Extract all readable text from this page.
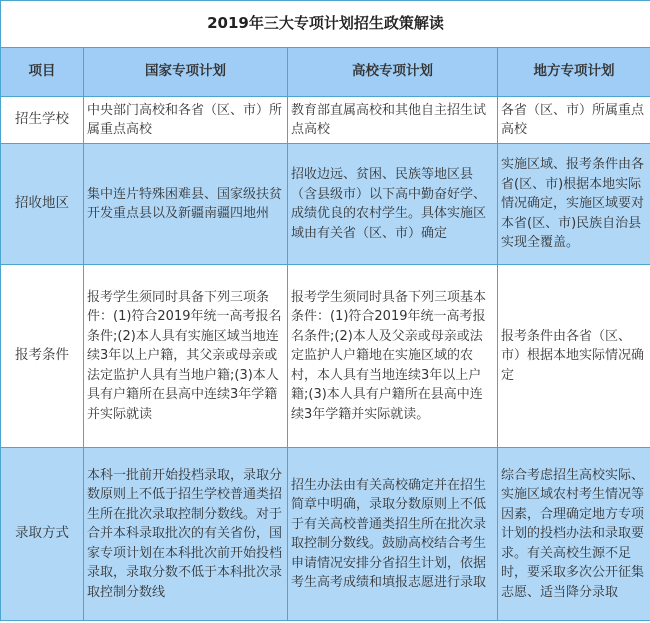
2019年三大专项计划招生政策解读			
项目	国家专项计划	高校专项计划	地方专项计划
招生学校	中央部门高校和各省（区、市）所属重点高校	教育部直属高校和其他自主招生试点高校	各省（区、市）所属重点高校
招收地区	集中连片特殊困难县、国家级扶贫开发重点县以及新疆南疆四地州	招收边远、贫困、民族等地区县（含县级市）以下高中勤奋好学、成绩优良的农村学生。具体实施区域由有关省（区、市）确定	实施区域、报考条件由各省(区、市)根据本地实际情况确定，实施区域要对本省(区、市)民族自治县实现全覆盖。
报考条件	报考学生须同时具备下列三项条件：(1)符合2019年统一高考报名条件;(2)本人具有实施区域当地连续3年以上户籍，其父亲或母亲或法定监护人具有当地户籍;(3)本人具有户籍所在县高中连续3年学籍并实际就读	报考学生须同时具备下列三项基本条件：(1)符合2019年统一高考报名条件;(2)本人及父亲或母亲或法定监护人户籍地在实施区域的农村，本人具有当地连续3年以上户籍;(3)本人具有户籍所在县高中连续3年学籍并实际就读。	报考条件由各省（区、市）根据本地实际情况确定
录取方式	本科一批前开始投档录取，录取分数原则上不低于招生学校普通类招生所在批次录取控制分数线。对于合并本科录取批次的有关省份，国家专项计划在本科批次前开始投档录取，录取分数不低于本科批次录取控制分数线	招生办法由有关高校确定并在招生简章中明确，录取分数原则上不低于有关高校普通类招生所在批次录取控制分数线。鼓励高校结合考生申请情况安排分省招生计划，依据考生高考成绩和填报志愿进行录取	综合考虑招生高校实际、实施区域农村考生情况等因素，合理确定地方专项计划的投档办法和录取要求。有关高校生源不足时，要采取多次公开征集志愿、适当降分录取
